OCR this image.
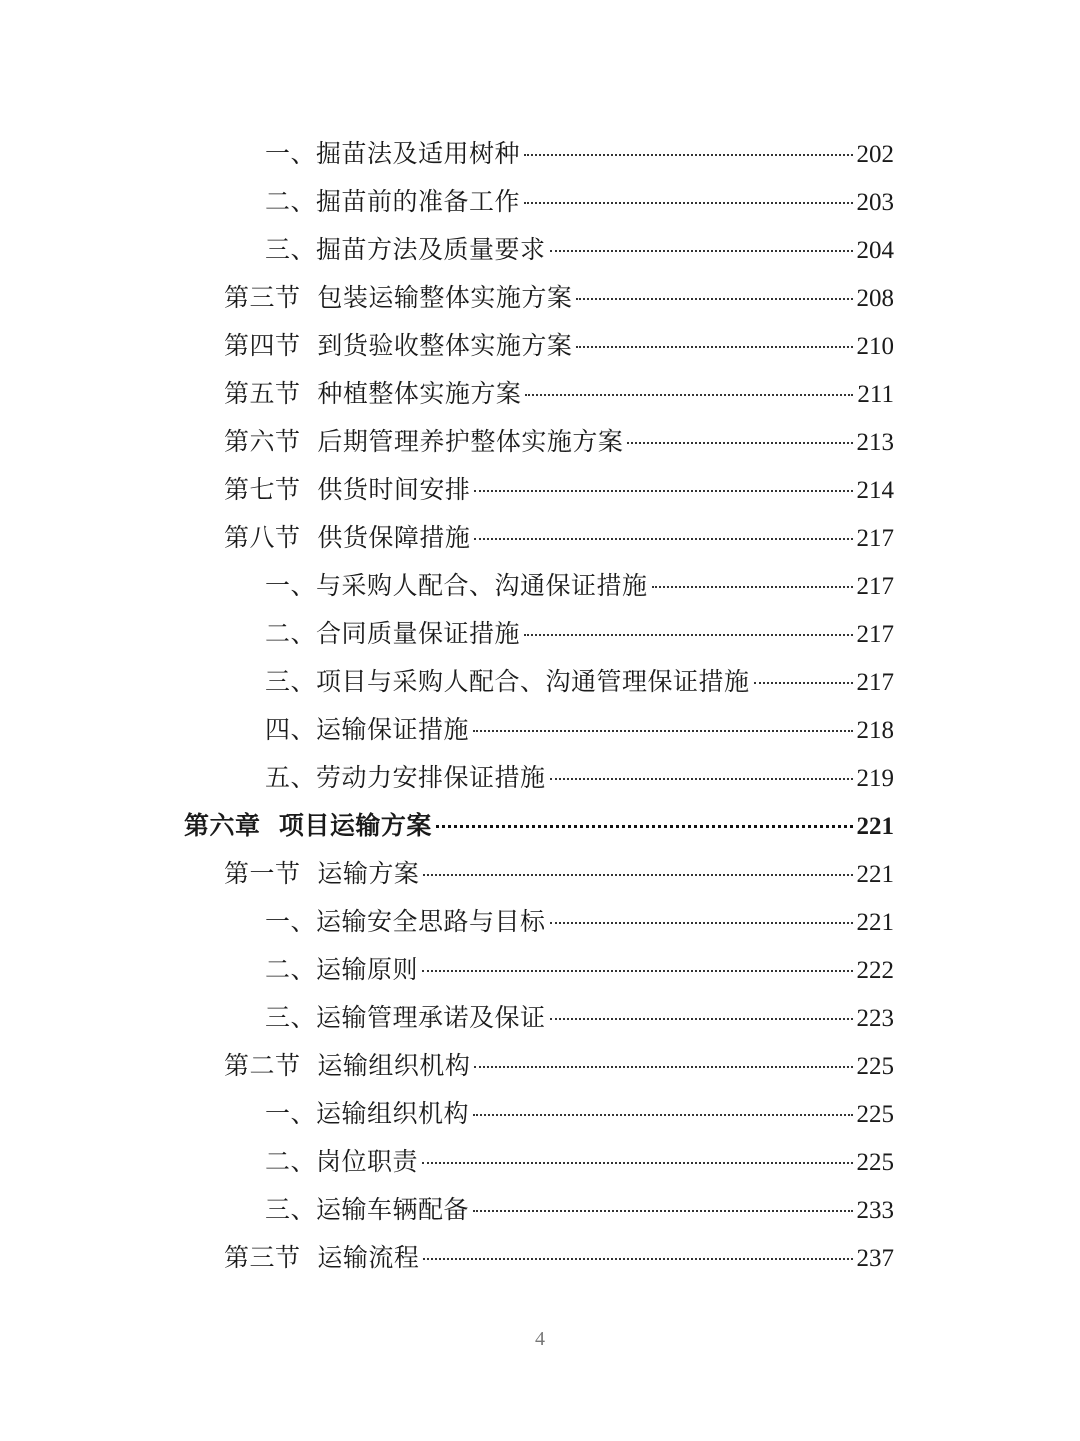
一、掘苗法及适用树种	202
二、掘苗前的准备工作	203
三、掘苗方法及质量要求	204
第三节  包装运输整体实施方案	208
第四节  到货验收整体实施方案	210
第五节  种植整体实施方案	211
第六节  后期管理养护整体实施方案	213
第七节  供货时间安排	214
第八节  供货保障措施	217
一、与采购人配合、沟通保证措施	217
二、合同质量保证措施	217
三、项目与采购人配合、沟通管理保证措施	217
四、运输保证措施	218
五、劳动力安排保证措施	219
第六章  项目运输方案	221
第一节  运输方案	221
一、运输安全思路与目标	221
二、运输原则	222
三、运输管理承诺及保证	223
第二节  运输组织机构	225
一、运输组织机构	225
二、岗位职责	225
三、运输车辆配备	233
第三节  运输流程	237
4
